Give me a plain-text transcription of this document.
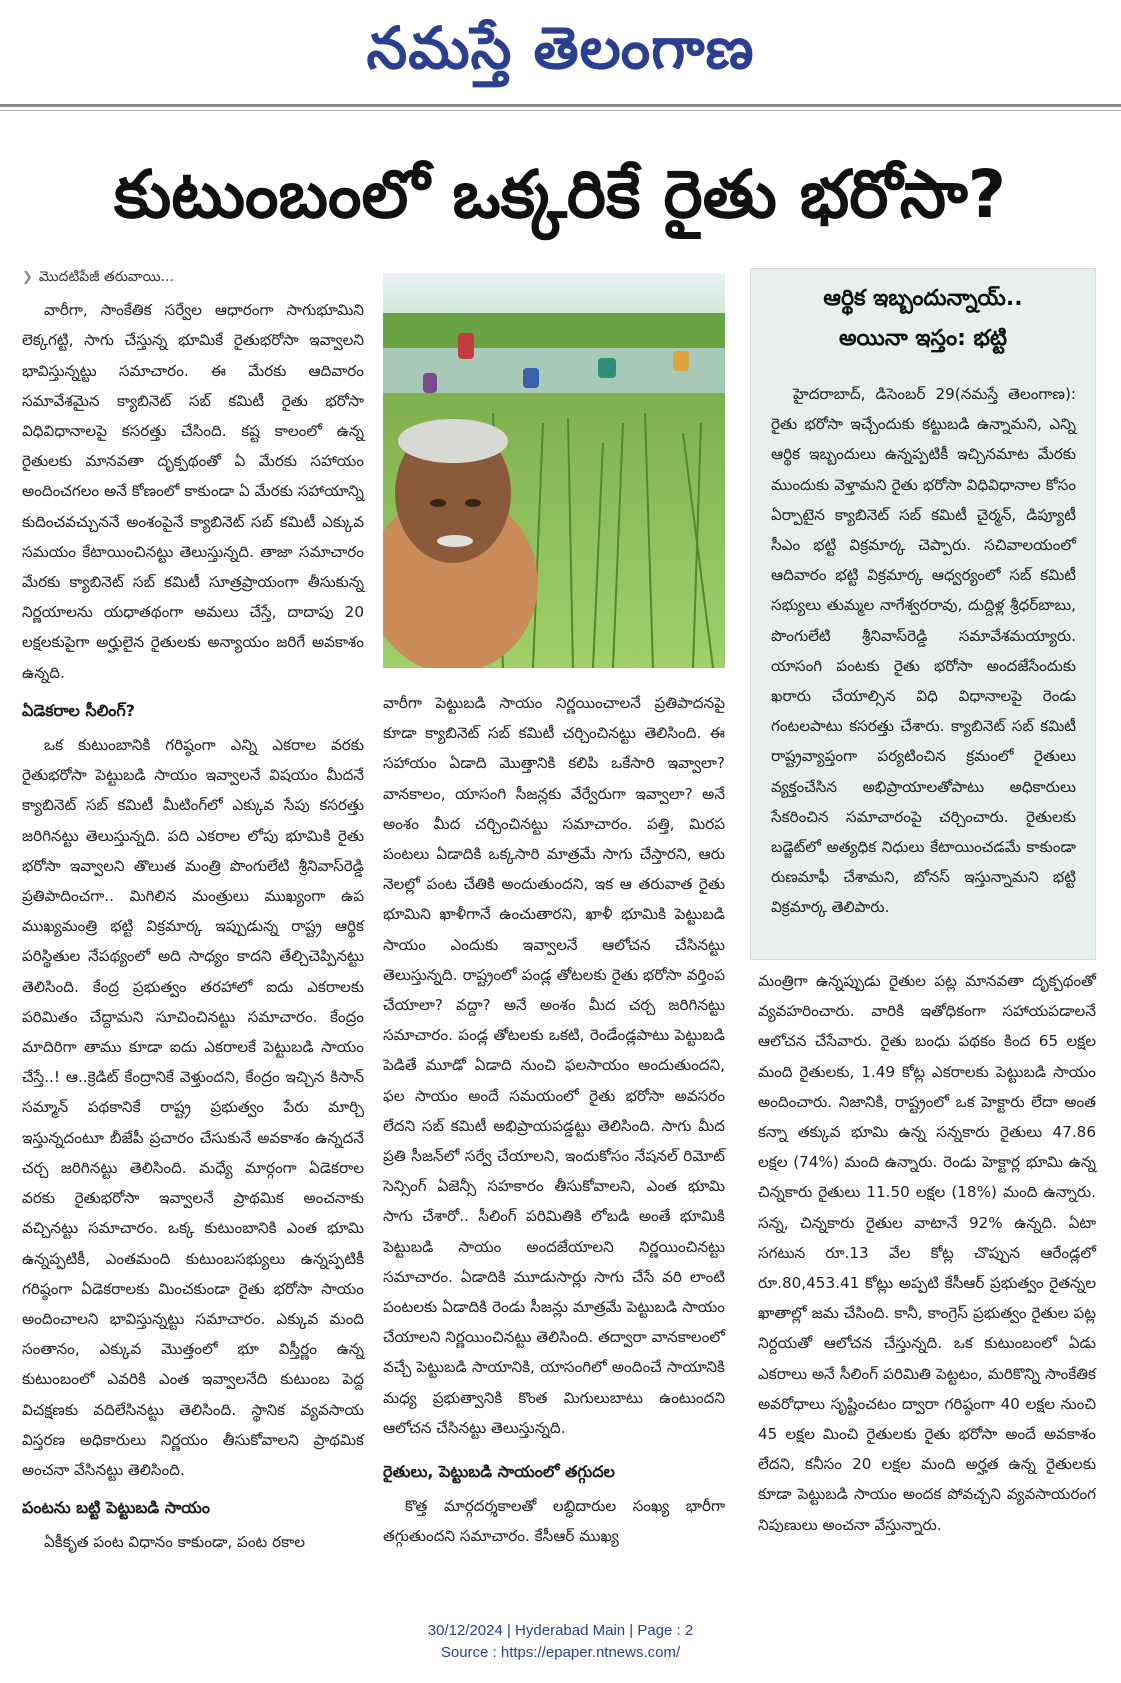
నమస్తే తెలంగాణ
కుటుంబంలో ఒక్కరికే రైతు భరోసా?
❯ మొదటిపేజీ తరువాయి...

వారీగా, సాంకేతిక సర్వేల ఆధారంగా సాగుభూమిని లెక్కగట్టి, సాగు చేస్తున్న భూమికే రైతుభరోసా ఇవ్వాలని భావిస్తున్నట్టు సమాచారం. ఈ మేరకు ఆదివారం సమావేశమైన క్యాబినెట్ సబ్ కమిటీ రైతు భరోసా విధివిధానాలపై కసరత్తు చేసింది. కష్ట కాలంలో ఉన్న రైతులకు మానవతా దృక్పథంతో ఏ మేరకు సహాయం అందించగలం అనే కోణంలో కాకుండా ఏ మేరకు సహాయాన్ని కుదించవచ్చుననే అంశంపైనే క్యాబినెట్ సబ్ కమిటీ ఎక్కువ సమయం కేటాయించినట్టు తెలుస్తున్నది. తాజా సమాచారం మేరకు క్యాబినెట్ సబ్ కమిటీ సూత్రప్రాయంగా తీసుకున్న నిర్ణయాలను యధాతథంగా అమలు చేస్తే, దాదాపు 20 లక్షలకుపైగా అర్హులైన రైతులకు అన్యాయం జరిగే అవకాశం ఉన్నది.

ఏడెకరాల సీలింగ్?

ఒక కుటుంబానికి గరిష్ఠంగా ఎన్ని ఎకరాల వరకు రైతుభరోసా పెట్టుబడి సాయం ఇవ్వాలనే విషయం మీదనే క్యాబినెట్ సబ్ కమిటీ మీటింగ్‌లో ఎక్కువ సేపు కసరత్తు జరిగినట్టు తెలుస్తున్నది. పది ఎకరాల లోపు భూమికి రైతు భరోసా ఇవ్వాలని తొలుత మంత్రి పొంగులేటి శ్రీనివాస్‌రెడ్డి ప్రతిపాదించగా.. మిగిలిన మంత్రులు ముఖ్యంగా ఉప ముఖ్యమంత్రి భట్టి విక్రమార్క ఇప్పుడున్న రాష్ట్ర ఆర్థిక పరిస్థితుల నేపథ్యంలో అది సాధ్యం కాదని తేల్చిచెప్పినట్టు తెలిసింది. కేంద్ర ప్రభుత్వం తరహాలో ఐదు ఎకరాలకు పరిమితం చేద్దామని సూచించినట్టు సమాచారం. కేంద్రం మాదిరిగా తాము కూడా ఐదు ఎకరాలకే పెట్టుబడి సాయం చేస్తే..! ఆ..క్రెడిట్ కేంద్రానికే వెళ్తుందని, కేంద్రం ఇచ్చిన కిసాన్ సమ్మాన్ పథకానికే రాష్ట్ర ప్రభుత్వం పేరు మార్చి ఇస్తున్నదంటూ బీజేపీ ప్రచారం చేసుకునే అవకాశం ఉన్నదనే చర్చ జరిగినట్టు తెలిసింది. మధ్యే మార్గంగా ఏడెకరాల వరకు రైతుభరోసా ఇవ్వాలనే ప్రాథమిక అంచనాకు వచ్చినట్టు సమాచారం. ఒక్క కుటుంబానికి ఎంత భూమి ఉన్నప్పటికీ, ఎంతమంది కుటుంబసభ్యులు ఉన్నప్పటికీ గరిష్ఠంగా ఏడెకరాలకు మించకుండా రైతు భరోసా సాయం అందించాలని భావిస్తున్నట్టు సమాచారం. ఎక్కువ మంది సంతానం, ఎక్కువ మొత్తంలో భూ విస్తీర్ణం ఉన్న కుటుంబంలో ఎవరికి ఎంత ఇవ్వాలనేది కుటుంబ పెద్ద విచక్షణకు వదిలేసినట్టు తెలిసింది. స్థానిక వ్యవసాయ విస్తరణ అధికారులు నిర్ణయం తీసుకోవాలని ప్రాథమిక అంచనా వేసినట్టు తెలిసింది.

పంటను బట్టి పెట్టుబడి సాయం

ఏకీకృత పంట విధానం కాకుండా, పంట రకాల

వారీగా పెట్టుబడి సాయం నిర్ణయించాలనే ప్రతిపాదనపై కూడా క్యాబినెట్ సబ్ కమిటీ చర్చించినట్టు తెలిసింది. ఈ సహాయం ఏడాది మొత్తానికి కలిపి ఒకేసారి ఇవ్వాలా? వానకాలం, యాసంగి సీజన్లకు వేర్వేరుగా ఇవ్వాలా? అనే అంశం మీద చర్చించినట్టు సమాచారం. పత్తి, మిరప పంటలు ఏడాదికి ఒక్కసారి మాత్రమే సాగు చేస్తారని, ఆరు నెలల్లో పంట చేతికి అందుతుందని, ఇక ఆ తరువాత రైతు భూమిని ఖాళీగానే ఉంచుతారని, ఖాళీ భూమికి పెట్టుబడి సాయం ఎందుకు ఇవ్వాలనే ఆలోచన చేసినట్టు తెలుస్తున్నది. రాష్ట్రంలో పండ్ల తోటలకు రైతు భరోసా వర్తింప చేయాలా? వద్దా? అనే అంశం మీద చర్చ జరిగినట్టు సమాచారం. పండ్ల తోటలకు ఒకటి, రెండేండ్లపాటు పెట్టుబడి పెడితే మూడో ఏడాది నుంచి ఫలసాయం అందుతుందని, ఫల సాయం అందే సమయంలో రైతు భరోసా అవసరం లేదని సబ్ కమిటీ అభిప్రాయపడ్డట్టు తెలిసింది. సాగు మీద ప్రతి సీజన్‌లో సర్వే చేయాలని, ఇందుకోసం నేషనల్ రిమోట్ సెన్సింగ్ ఏజెన్సీ సహకారం తీసుకోవాలని, ఎంత భూమి సాగు చేశారో.. సీలింగ్ పరిమితికి లోబడి అంతే భూమికి పెట్టుబడి సాయం అందజేయాలని నిర్ణయించినట్టు సమాచారం. ఏడాదికి మూడుసార్లు సాగు చేసే వరి లాంటి పంటలకు ఏడాదికి రెండు సీజన్లు మాత్రమే పెట్టుబడి సాయం చేయాలని నిర్ణయించినట్టు తెలిసింది. తద్వారా వానకాలంలో వచ్చే పెట్టుబడి సాయానికి, యాసంగిలో అందించే సాయానికి మధ్య ప్రభుత్వానికి కొంత మిగులుబాటు ఉంటుందని ఆలోచన చేసినట్టు తెలుస్తున్నది.

రైతులు, పెట్టుబడి సాయంలో తగ్గుదల

కొత్త మార్గదర్శకాలతో లబ్ధిదారుల సంఖ్య భారీగా తగ్గుతుందని సమాచారం. కేసీఆర్ ముఖ్య

ఆర్థిక ఇబ్బందున్నాయ్..
అయినా ఇస్తం: భట్టి

హైదరాబాద్, డిసెంబర్ 29(నమస్తే తెలంగాణ): రైతు భరోసా ఇచ్చేందుకు కట్టుబడి ఉన్నామని, ఎన్ని ఆర్థిక ఇబ్బందులు ఉన్నప్పటికీ ఇచ్చినమాట మేరకు ముందుకు వెళ్తామని రైతు భరోసా విధివిధానాల కోసం ఏర్పాటైన క్యాబినెట్ సబ్ కమిటీ చైర్మన్, డిప్యూటీ సీఎం భట్టి విక్రమార్క చెప్పారు. సచివాలయంలో ఆదివారం భట్టి విక్రమార్క ఆధ్వర్యంలో సబ్ కమిటీ సభ్యులు తుమ్మల నాగేశ్వరరావు, దుద్దిళ్ల శ్రీధర్‌బాబు, పొంగులేటి శ్రీనివాస్‌రెడ్డి సమావేశమయ్యారు. యాసంగి పంటకు రైతు భరోసా అందజేసేందుకు ఖరారు చేయాల్సిన విధి విధానాలపై రెండు గంటలపాటు కసరత్తు చేశారు. క్యాబినెట్ సబ్ కమిటీ రాష్ట్రవ్యాప్తంగా పర్యటించిన క్రమంలో రైతులు వ్యక్తంచేసిన అభిప్రాయాలతోపాటు అధికారులు సేకరించిన సమాచారంపై చర్చించారు. రైతులకు బడ్జెట్‌లో అత్యధిక నిధులు కేటాయించడమే కాకుండా రుణమాఫీ చేశామని, బోనస్ ఇస్తున్నామని భట్టి విక్రమార్క తెలిపారు.

మంత్రిగా ఉన్నప్పుడు రైతుల పట్ల మానవతా దృక్పథంతో వ్యవహరించారు. వారికి ఇతోధికంగా సహాయపడాలనే ఆలోచన చేసేవారు. రైతు బంధు పథకం కింద 65 లక్షల మంది రైతులకు, 1.49 కోట్ల ఎకరాలకు పెట్టుబడి సాయం అందించారు. నిజానికి, రాష్ట్రంలో ఒక హెక్టారు లేదా అంత కన్నా తక్కువ భూమి ఉన్న సన్నకారు రైతులు 47.86 లక్షల (74%) మంది ఉన్నారు. రెండు హెక్టార్ల భూమి ఉన్న చిన్నకారు రైతులు 11.50 లక్షల (18%) మంది ఉన్నారు. సన్న, చిన్నకారు రైతుల వాటానే 92% ఉన్నది. ఏటా సగటున రూ.13 వేల కోట్ల చొప్పున ఆరేండ్లలో రూ.80,453.41 కోట్లు అప్పటి కేసీఆర్ ప్రభుత్వం రైతన్నల ఖాతాల్లో జమ చేసింది. కానీ, కాంగ్రెస్ ప్రభుత్వం రైతుల పట్ల నిర్దయతో ఆలోచన చేస్తున్నది. ఒక కుటుంబంలో ఏడు ఎకరాలు అనే సీలింగ్ పరిమితి పెట్టటం, మరికొన్ని సాంకేతిక అవరోధాలు సృష్టించటం ద్వారా గరిష్ఠంగా 40 లక్షల నుంచి 45 లక్షల మించి రైతులకు రైతు భరోసా అందే అవకాశం లేదని, కనీసం 20 లక్షల మంది అర్హత ఉన్న రైతులకు కూడా పెట్టుబడి సాయం అందక పోవచ్చని వ్యవసాయరంగ నిపుణులు అంచనా వేస్తున్నారు.

30/12/2024 | Hyderabad Main | Page : 2
Source : https://epaper.ntnews.com/
